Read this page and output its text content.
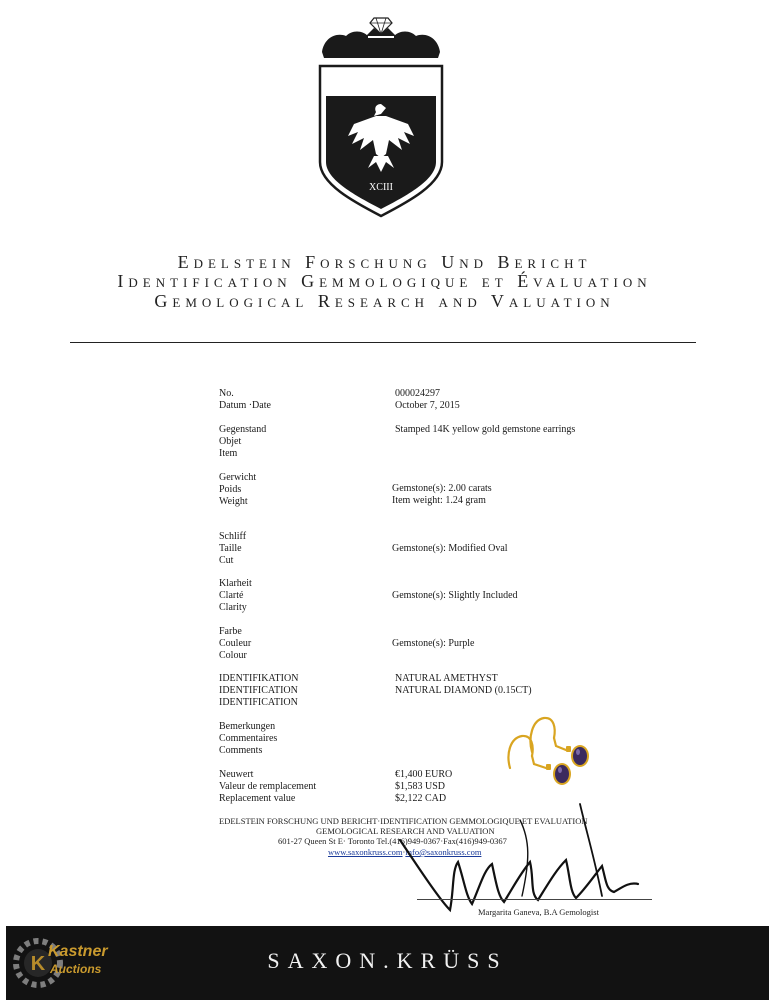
XCIII
Edelstein Forschung Und Bericht
Identification Gemmologique et Évaluation
Gemological Research and Valuation
No.
Datum ·Date
000024297
October 7, 2015
Gegenstand
Objet
Item
Stamped 14K yellow gold gemstone earrings
Gerwicht
Poids
Weight
Gemstone(s): 2.00 carats
Item weight: 1.24 gram
Schliff
Taille
Cut
Gemstone(s): Modified Oval
Klarheit
Clarté
Clarity
Gemstone(s): Slightly Included
Farbe
Couleur
Colour
Gemstone(s): Purple
IDENTIFIKATION
IDENTIFICATION
IDENTIFICATION
NATURAL AMETHYST
NATURAL DIAMOND (0.15CT)
Bemerkungen
Commentaires
Comments
Neuwert
Valeur de remplacement
Replacement value
€1,400 EURO
$1,583 USD
$2,122 CAD
EDELSTEIN FORSCHUNG UND BERICHT·IDENTIFICATION GEMMOLOGIQUE ET EVALUATION
GEMOLOGICAL RESEARCH AND VALUATION
601-27 Queen St E· Toronto Tel.(416)949-0367·Fax(416)949-0367
www.saxonkruss.com·info@saxonkruss.com
Margarita Ganeva, B.A Gemologist
K
Kastner
Auctions	SAXON.KRÜSS
